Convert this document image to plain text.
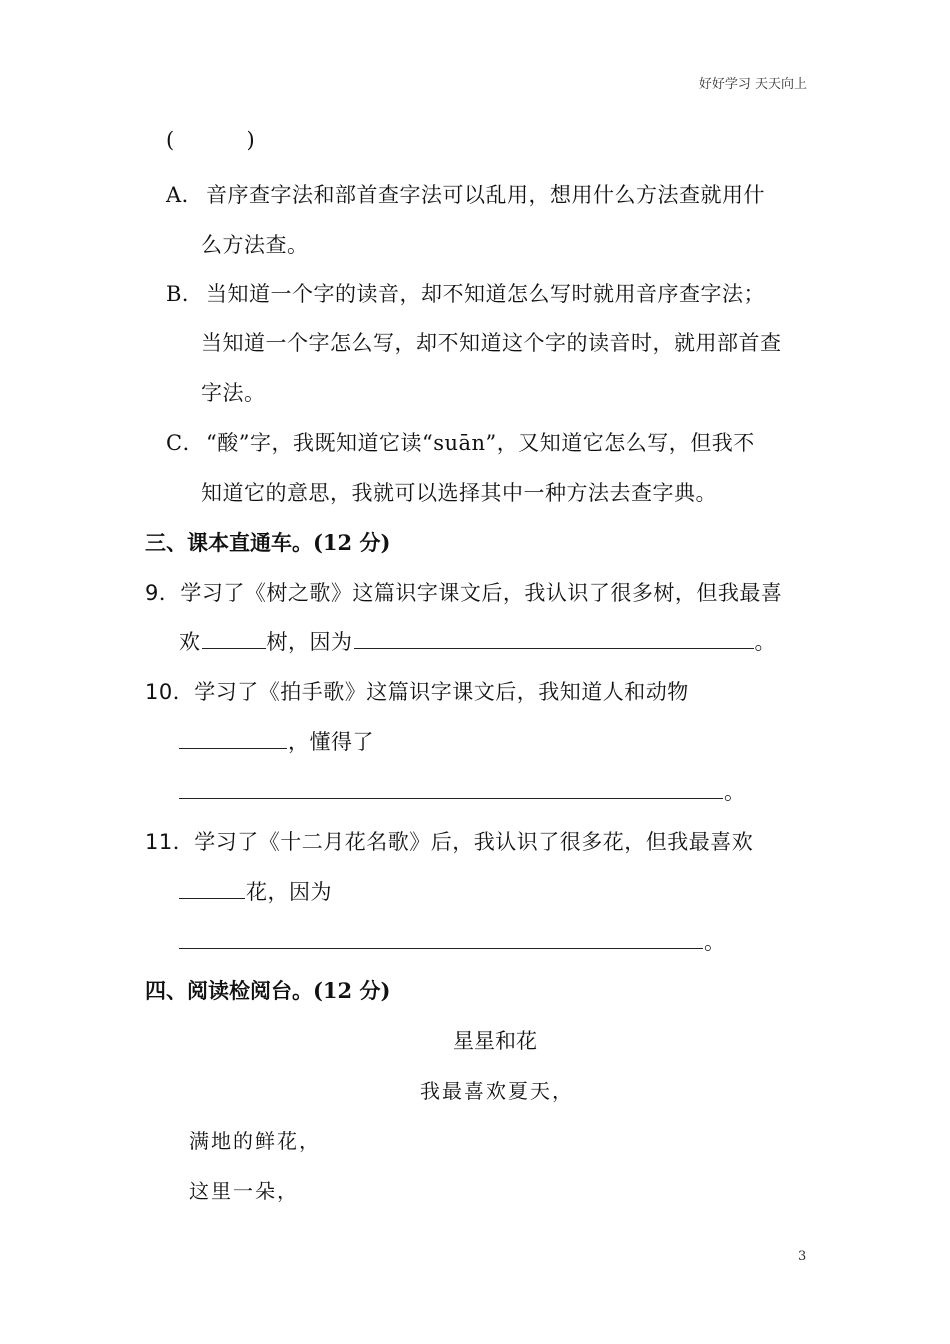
好好学习 天天向上
(          )
A． 音序查字法和部首查字法可以乱用，想用什么方法查就用什
么方法查。
B． 当知道一个字的读音，却不知道怎么写时就用音序查字法；
当知道一个字怎么写，却不知道这个字的读音时，就用部首查
字法。
C． “酸”字，我既知道它读“suān”，又知道它怎么写，但我不
知道它的意思，我就可以选择其中一种方法去查字典。
三、课本直通车。(12 分)
9．学习了《树之歌》这篇识字课文后，我认识了很多树，但我最喜
欢	树，因为	。
10．学习了《拍手歌》这篇识字课文后，我知道人和动物
，懂得了
。
11．学习了《十二月花名歌》后，我认识了很多花，但我最喜欢
花，因为
。
四、阅读检阅台。(12 分)
星星和花
我最喜欢夏天，
满地的鲜花，
这里一朵，
3
